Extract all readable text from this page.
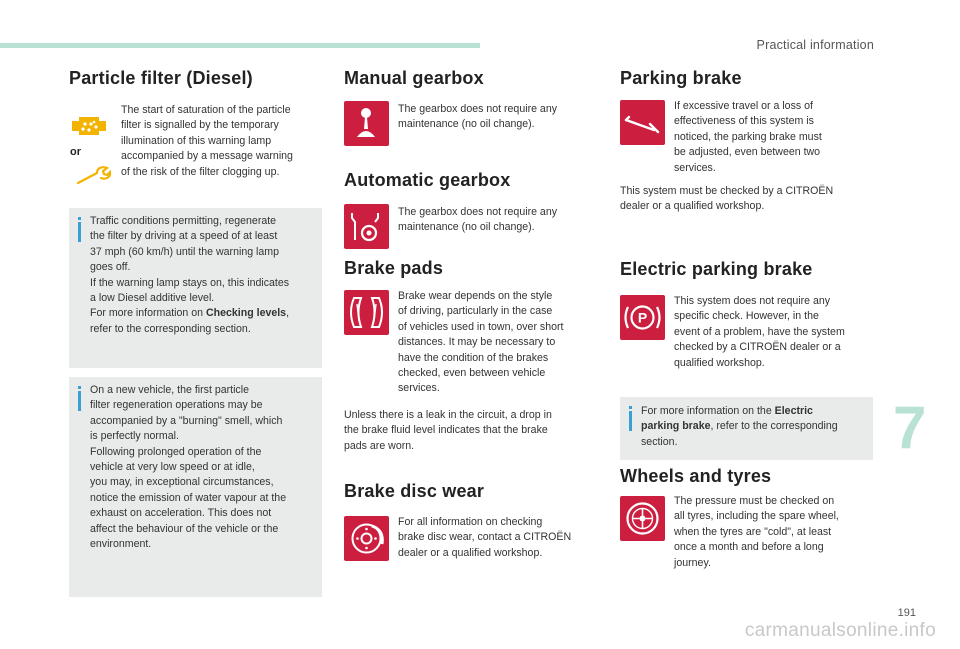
Practical information
Particle filter (Diesel)
or
The start of saturation of the particle
filter is signalled by the temporary
illumination of this warning lamp
accompanied by a message warning
of the risk of the filter clogging up.
Traffic conditions permitting, regenerate
the filter by driving at a speed of at least
37 mph (60 km/h) until the warning lamp
goes off.
If the warning lamp stays on, this indicates
a low Diesel additive level.
For more information on Checking levels,
refer to the corresponding section.
On a new vehicle, the first particle
filter regeneration operations may be
accompanied by a "burning" smell, which
is perfectly normal.
Following prolonged operation of the
vehicle at very low speed or at idle,
you may, in exceptional circumstances,
notice the emission of water vapour at the
exhaust on acceleration. This does not
affect the behaviour of the vehicle or the
environment.
Manual gearbox
The gearbox does not require any
maintenance (no oil change).
Automatic gearbox
The gearbox does not require any
maintenance (no oil change).
Brake pads
Brake wear depends on the style
of driving, particularly in the case
of vehicles used in town, over short
distances. It may be necessary to
have the condition of the brakes
checked, even between vehicle
services.
Unless there is a leak in the circuit, a drop in
the brake fluid level indicates that the brake
pads are worn.
Brake disc wear
For all information on checking
brake disc wear, contact a CITROËN
dealer or a qualified workshop.
Parking brake
If excessive travel or a loss of
effectiveness of this system is
noticed, the parking brake must
be adjusted, even between two
services.
This system must be checked by a CITROËN
dealer or a qualified workshop.
Electric parking brake
P
This system does not require any
specific check. However, in the
event of a problem, have the system
checked by a CITROËN dealer or a
qualified workshop.
For more information on the Electric
parking brake, refer to the corresponding
section.
Wheels and tyres
The pressure must be checked on
all tyres, including the spare wheel,
when the tyres are "cold", at least
once a month and before a long
journey.
7
191
carmanualsonline.info
